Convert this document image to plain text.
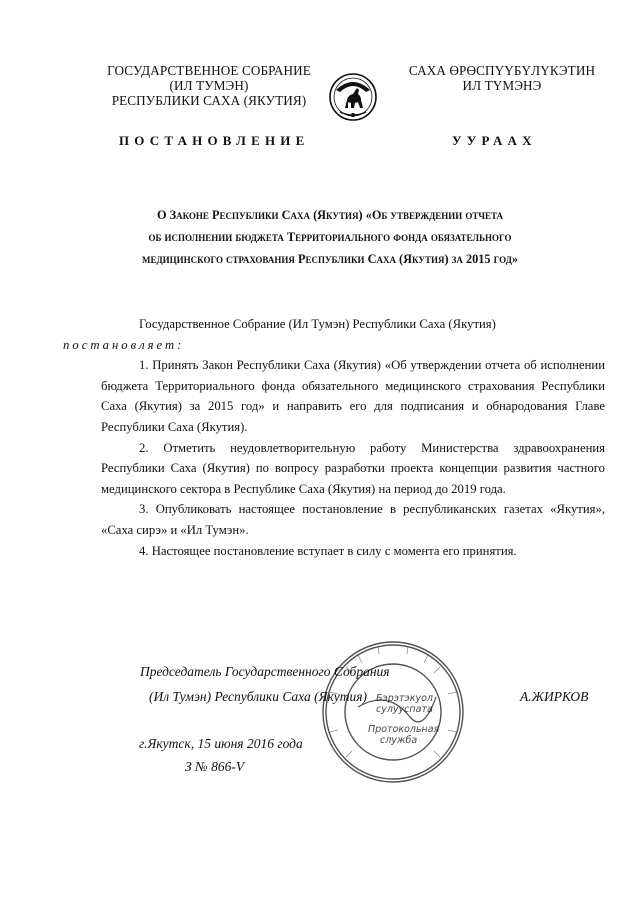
ГОСУДАРСТВЕННОЕ СОБРАНИЕ
(ИЛ ТУМЭН)
РЕСПУБЛИКИ САХА (ЯКУТИЯ)
САХА ӨРӨСПҮҮБҮЛҮКЭТИН
ИЛ ТҮМЭНЭ
ПОСТАНОВЛЕНИЕ	УУРААХ
О Законе Республики Саха (Якутия) «Об утверждении отчета
об исполнении бюджета Территориального фонда обязательного
медицинского страхования Республики Саха (Якутия) за 2015 год»

Государственное Собрание (Ил Тумэн) Республики Саха (Якутия)
постановляет:

1. Принять Закон Республики Саха (Якутия) «Об утверждении отчета об исполнении бюджета Территориального фонда обязательного медицинского страхования Республики Саха (Якутия) за 2015 год» и направить его для подписания и обнародования Главе Республики Саха (Якутия).

2. Отметить неудовлетворительную работу Министерства здравоохранения Республики Саха (Якутия) по вопросу разработки проекта концепции развития частного медицинского сектора в Республике Саха (Якутия) на период до 2019 года.

3. Опубликовать настоящее постановление в республиканских газетах «Якутия», «Саха сирэ» и «Ил Тумэн».

4. Настоящее постановление вступает в силу с момента его принятия.

Бэрэтэкуол
сулууспата
Протокольная
служба
Председатель Государственного Собрания
(Ил Тумэн) Республики Саха (Якутия)	А.ЖИРКОВ
г.Якутск, 15 июня 2016 года
З № 866-V
